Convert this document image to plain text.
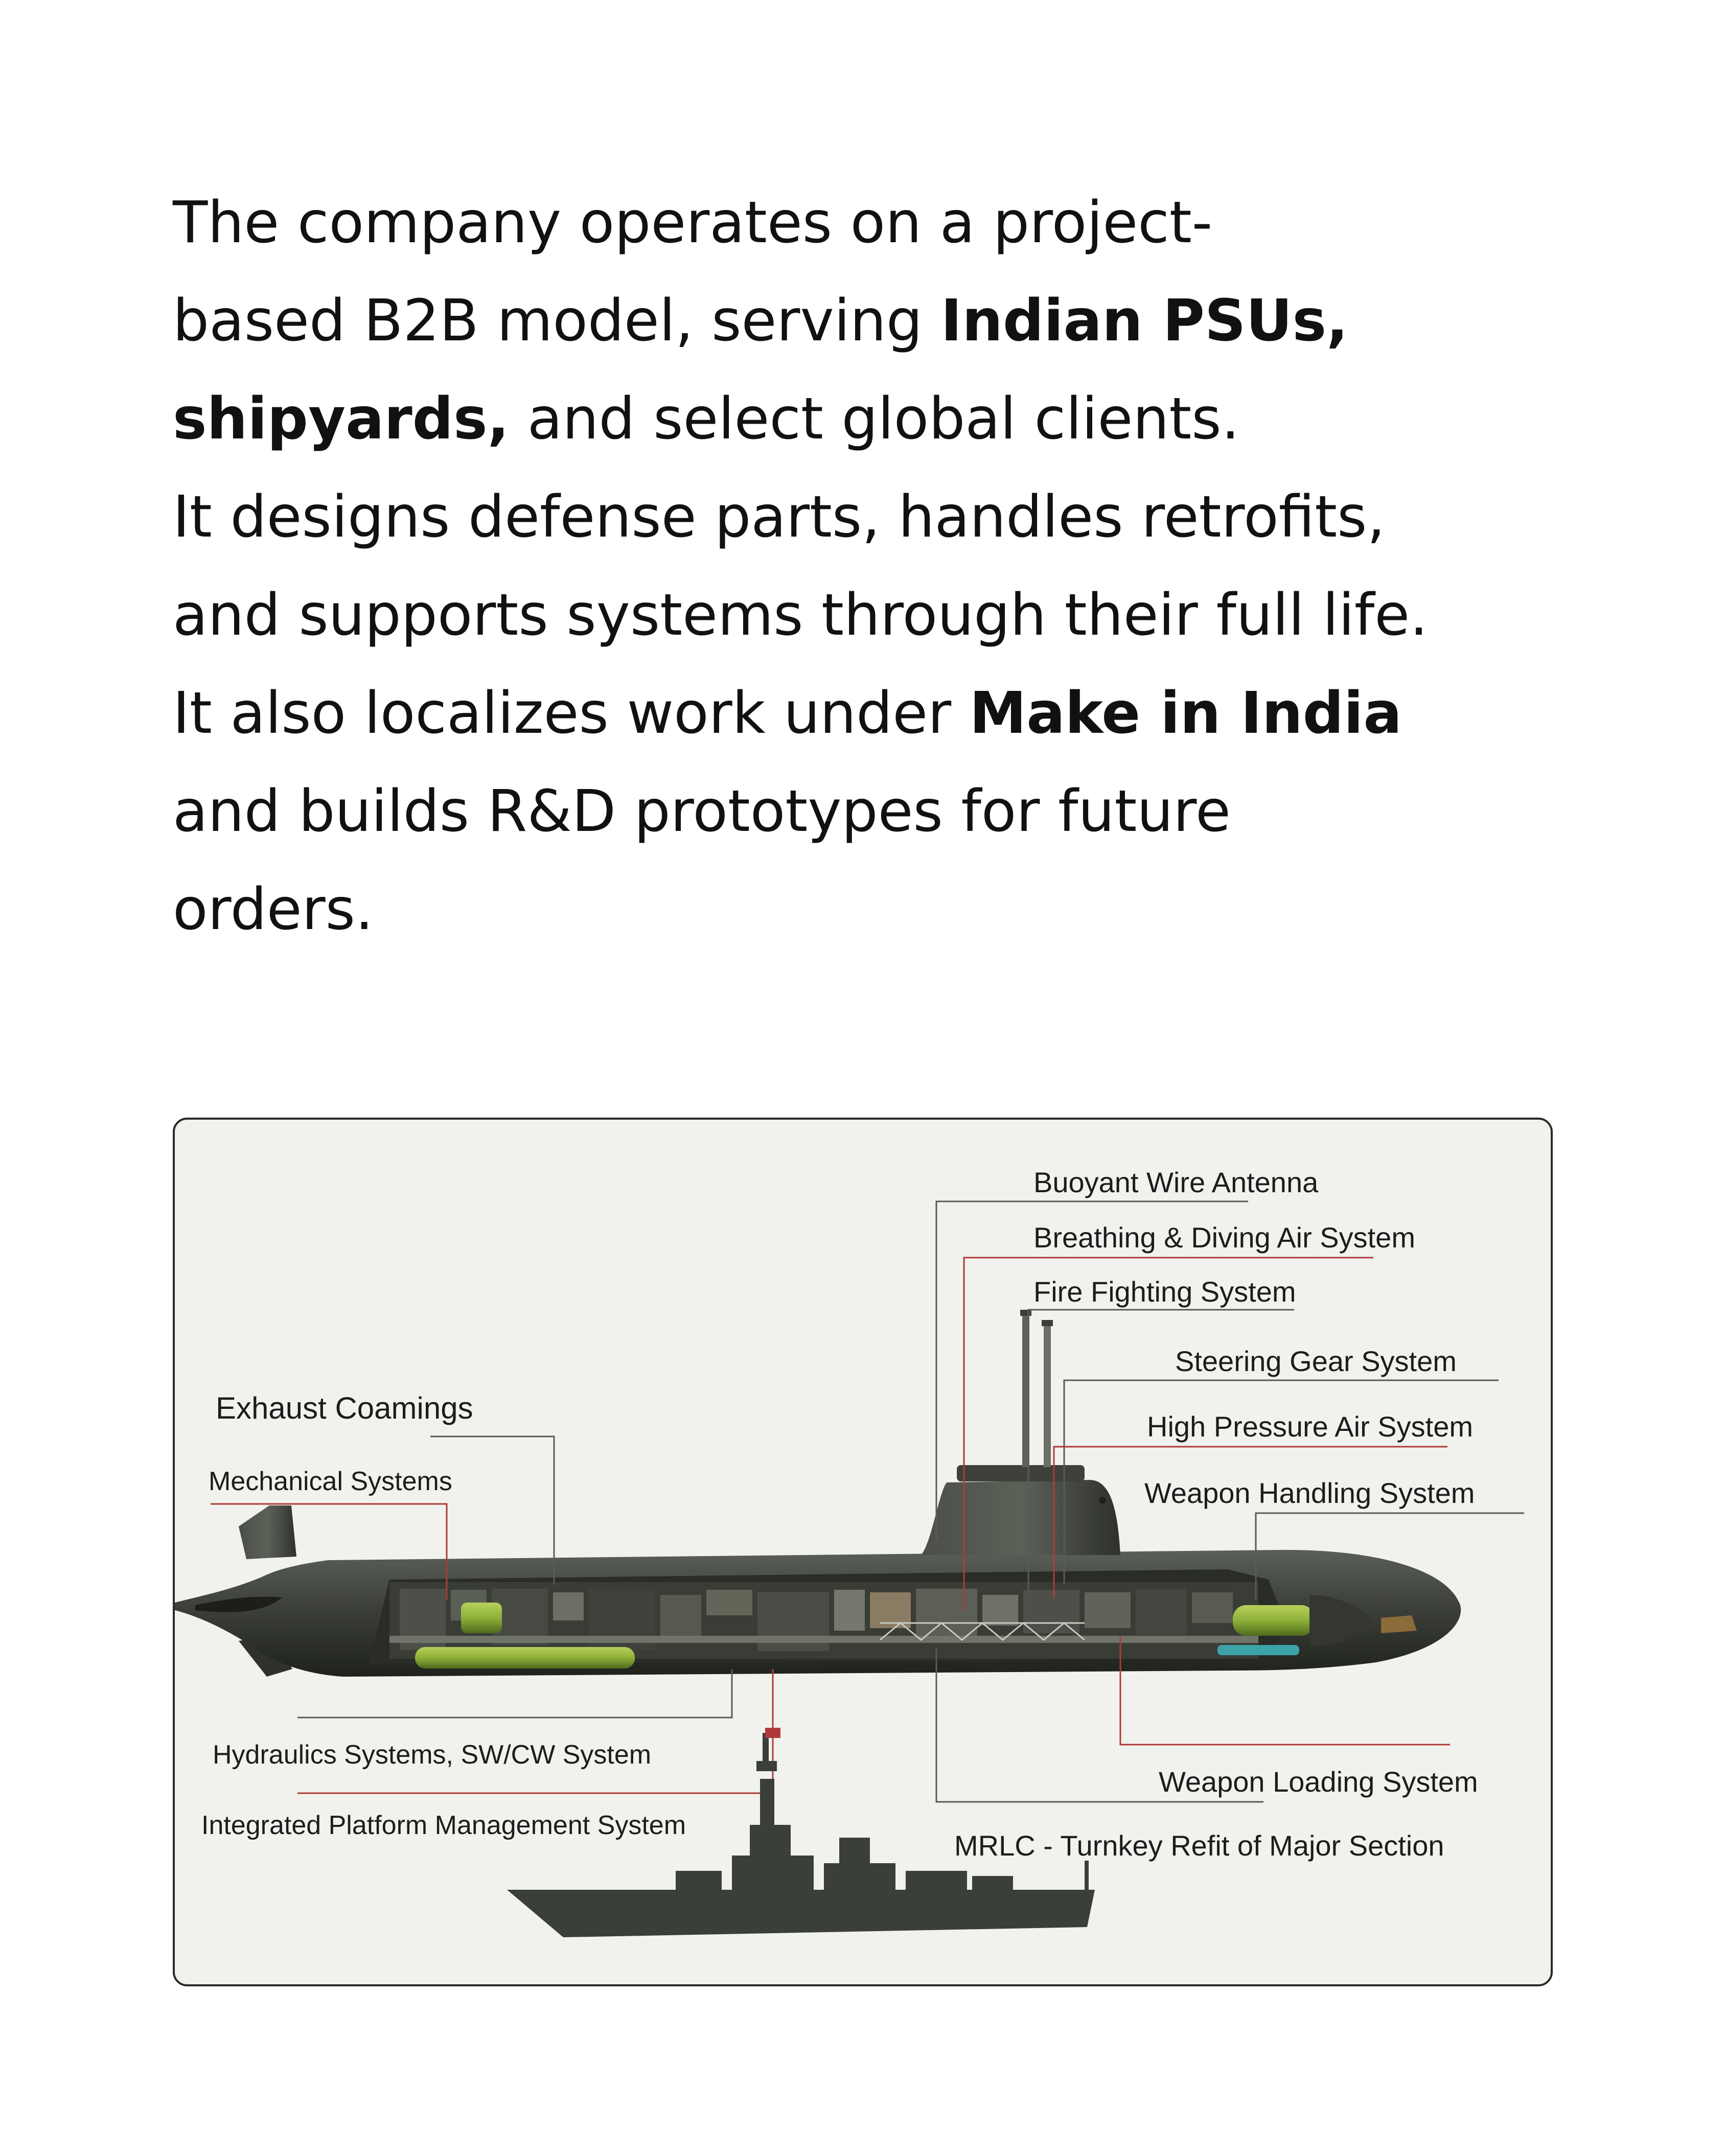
The company operates on a project-
based B2B model, serving Indian PSUs,
shipyards, and select global clients.
It designs defense parts, handles retrofits,
and supports systems through their full life.
It also localizes work under Make in India
and builds R&D prototypes for future
orders.

Buoyant Wire Antenna
Breathing & Diving Air System
Fire Fighting System
Steering Gear System
High Pressure Air System
Weapon Handling System
Exhaust Coamings
Mechanical Systems
Hydraulics Systems, SW/CW System
Integrated Platform Management System
Weapon Loading System
MRLC - Turnkey Refit of Major Section
